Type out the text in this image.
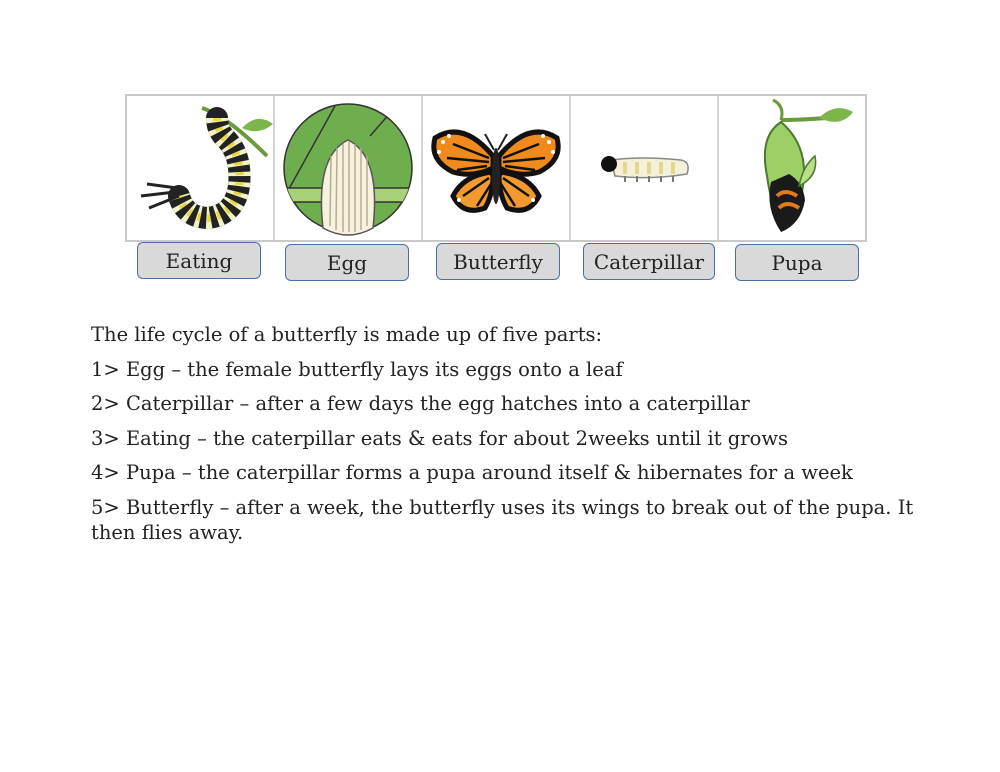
Eating	Egg	Butterfly	Caterpillar	Pupa

The life cycle of a butterfly is made up of five parts:

1> Egg – the female butterfly lays its eggs onto a leaf

2> Caterpillar – after a few days the egg hatches into a caterpillar

3> Eating – the caterpillar eats & eats for about 2weeks until it grows

4> Pupa – the caterpillar forms a pupa around itself & hibernates for a week

5> Butterfly – after a week, the butterfly uses its wings to break out of the pupa. It then flies away.
